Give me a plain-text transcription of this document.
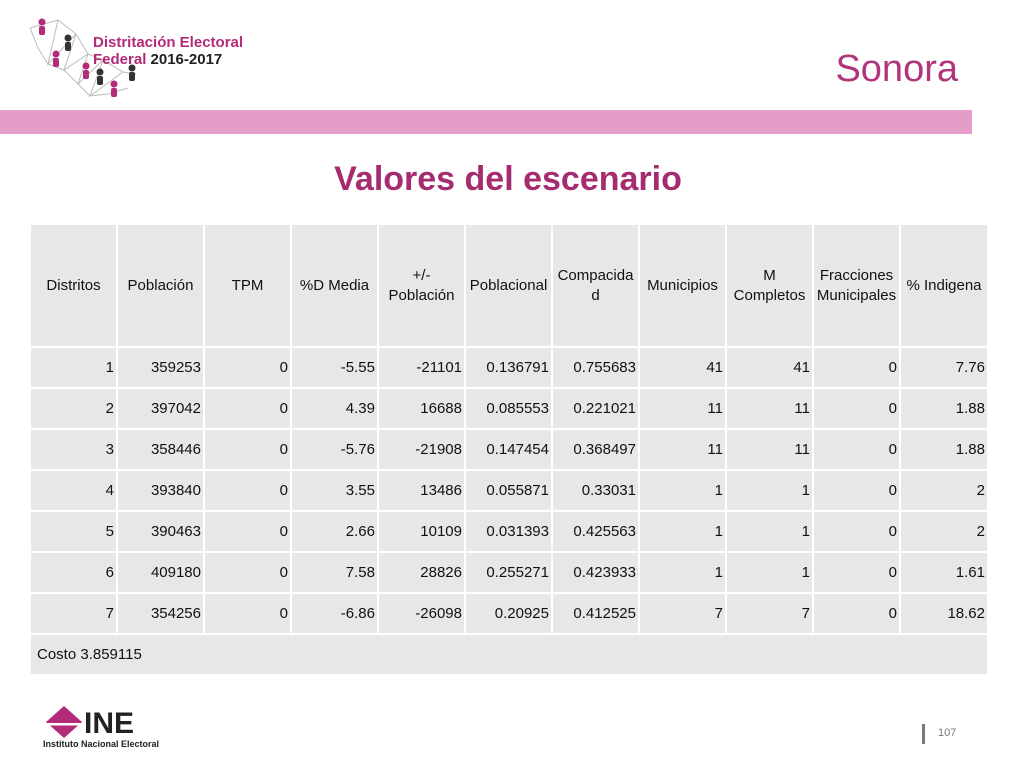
Distritación Electoral
Federal 2016-2017	Sonora
Valores del escenario
Distritos	Población	TPM	%D Media	+/- Población	Poblacional	Compacida d	Municipios	M Completos	Fracciones Municipales	% Indigena
1	359253	0	-5.55	-21101	0.136791	0.755683	41	41	0	7.76
2	397042	0	4.39	16688	0.085553	0.221021	11	11	0	1.88
3	358446	0	-5.76	-21908	0.147454	0.368497	11	11	0	1.88
4	393840	0	3.55	13486	0.055871	0.33031	1	1	0	2
5	390463	0	2.66	10109	0.031393	0.425563	1	1	0	2
6	409180	0	7.58	28826	0.255271	0.423933	1	1	0	1.61
7	354256	0	-6.86	-26098	0.20925	0.412525	7	7	0	18.62
Costo 3.859115										
INE
Instituto Nacional Electoral
107
